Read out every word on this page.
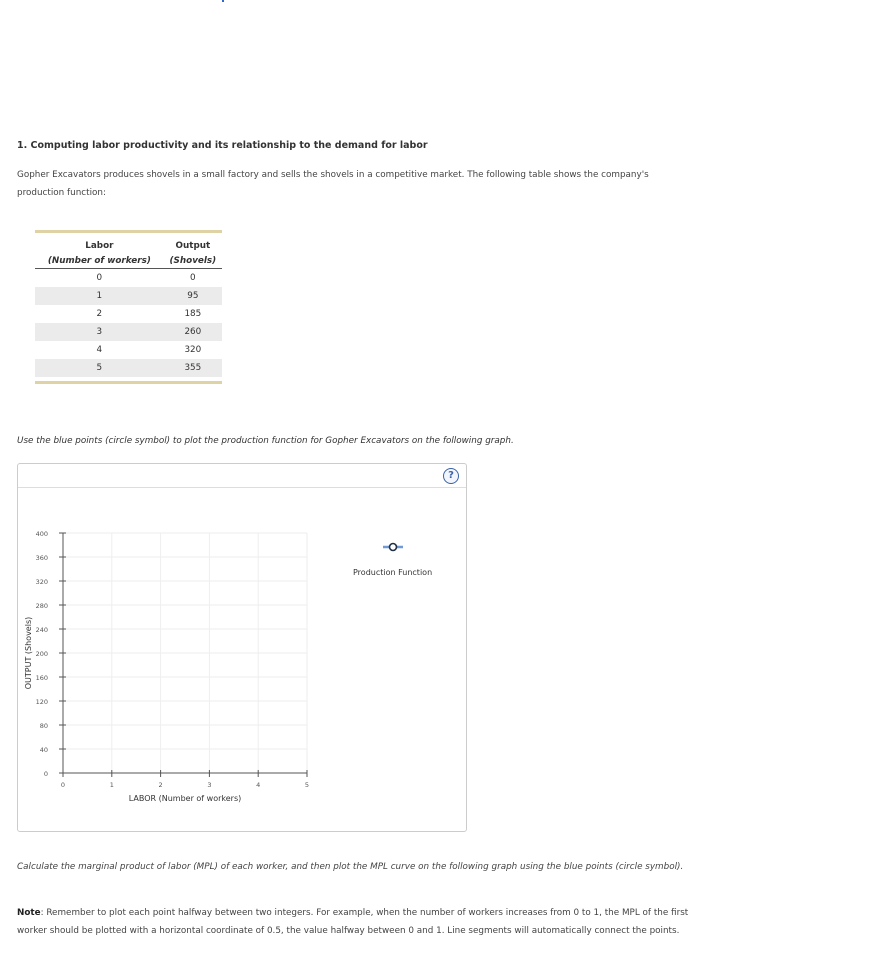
1. Computing labor productivity and its relationship to the demand for labor
Gopher Excavators produces shovels in a small factory and sells the shovels in a competitive market. The following table shows the company's production function:
Labor	Output
(Number of workers)	(Shovels)
0	0
1	95
2	185
3	260
4	320
5	355
Use the blue points (circle symbol) to plot the production function for Gopher Excavators on the following graph.
?
0
40
80
120
160
200
240
280
320
360
400
0	1	2	3	4	5
LABOR (Number of workers)
OUTPUT (Shovels)
Production Function
Calculate the marginal product of labor (MPL) of each worker, and then plot the MPL curve on the following graph using the blue points (circle symbol).
Note: Remember to plot each point halfway between two integers. For example, when the number of workers increases from 0 to 1, the MPL of the first worker should be plotted with a horizontal coordinate of 0.5, the value halfway between 0 and 1. Line segments will automatically connect the points.
